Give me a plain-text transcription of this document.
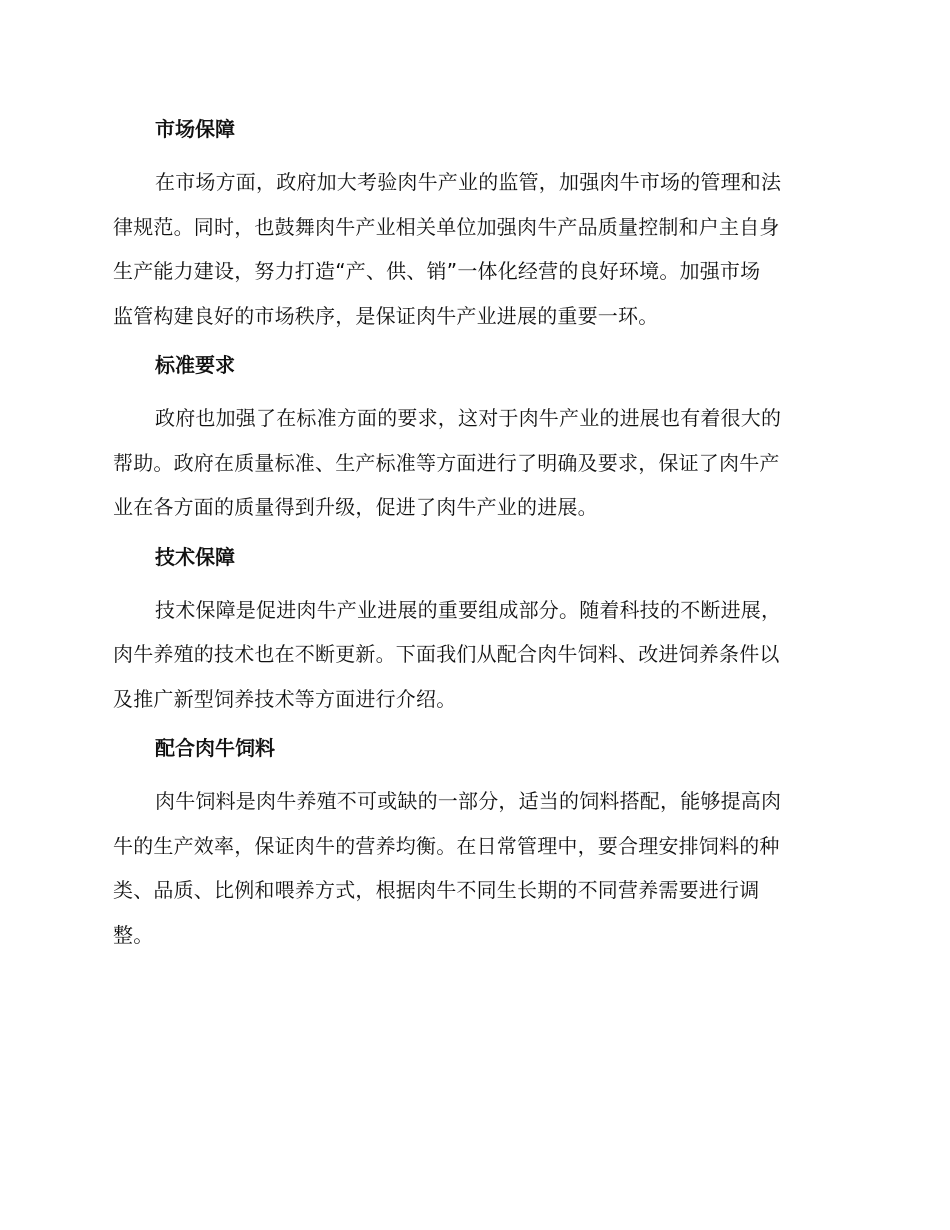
市场保障
在市场方面，政府加大考验肉牛产业的监管，加强肉牛市场的管理和法
律规范。同时，也鼓舞肉牛产业相关单位加强肉牛产品质量控制和户主自身
生产能力建设，努力打造“产、供、销”一体化经营的良好环境。加强市场
监管构建良好的市场秩序，是保证肉牛产业进展的重要一环。
标准要求
政府也加强了在标准方面的要求，这对于肉牛产业的进展也有着很大的
帮助。政府在质量标准、生产标准等方面进行了明确及要求，保证了肉牛产
业在各方面的质量得到升级，促进了肉牛产业的进展。
技术保障
技术保障是促进肉牛产业进展的重要组成部分。随着科技的不断进展，
肉牛养殖的技术也在不断更新。下面我们从配合肉牛饲料、改进饲养条件以
及推广新型饲养技术等方面进行介绍。
配合肉牛饲料
肉牛饲料是肉牛养殖不可或缺的一部分，适当的饲料搭配，能够提高肉
牛的生产效率，保证肉牛的营养均衡。在日常管理中，要合理安排饲料的种
类、品质、比例和喂养方式，根据肉牛不同生长期的不同营养需要进行调
整。
